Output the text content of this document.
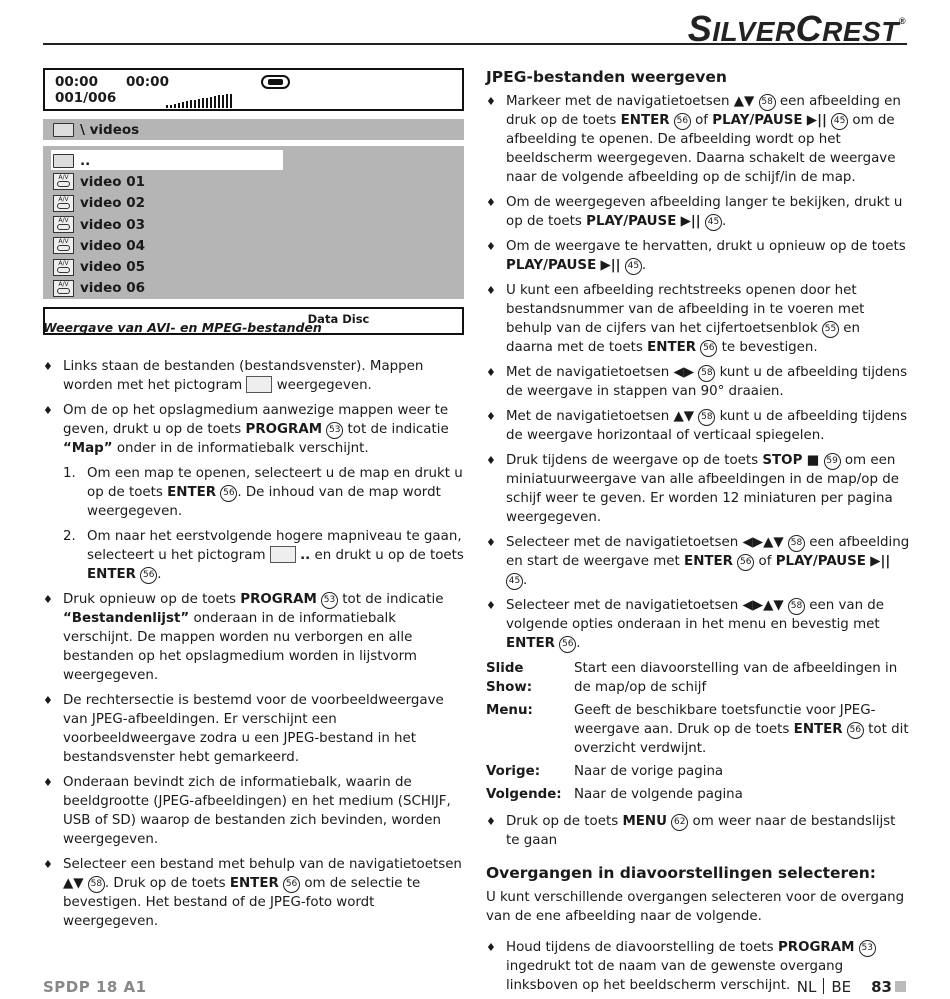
SILVERCREST®
00:00 00:00
001/006
\ videos
..
A/V video 01
A/V video 02
A/V video 03
A/V video 04
A/V video 05
A/V video 06
Data Disc
Weergave van AVI- en MPEG-bestanden
♦ Links staan de bestanden (bestandsvenster). Mappen worden met het pictogram	weergegeven.
♦ Om de op het opslagmedium aanwezige mappen weer te geven, drukt u op de toets PROGRAM 53 tot de indicatie “Map” onder in de informatiebalk verschijnt.
1. Om een map te openen, selecteert u de map en drukt u op de toets ENTER 56 . De inhoud van de map wordt weergegeven.
2. Om naar het eerstvolgende hogere mapniveau te gaan, selecteert u het pictogram	.. en drukt u op de toets ENTER 56 .
♦ Druk opnieuw op de toets PROGRAM 53 tot de indicatie “Bestandenlijst” onderaan in de informatiebalk verschijnt. De mappen worden nu verborgen en alle bestanden op het opslagmedium worden in lijstvorm weergegeven.
♦ De rechtersectie is bestemd voor de voorbeeldweergave van JPEG-afbeeldingen. Er verschijnt een voorbeeldweergave zodra u een JPEG-bestand in het bestandsvenster hebt gemarkeerd.
♦ Onderaan bevindt zich de informatiebalk, waarin de beeldgrootte (JPEG-afbeeldingen) en het medium (SCHIJF, USB of SD) waarop de bestanden zich bevinden, worden weergegeven.
♦ Selecteer een bestand met behulp van de navigatietoetsen ▲▼ 58 . Druk op de toets ENTER 56 om de selectie te bevestigen. Het bestand of de JPEG-foto wordt weergegeven.
JPEG-bestanden weergeven
♦ Markeer met de navigatietoetsen ▲▼ 58 een afbeelding en druk op de toets ENTER 56 of PLAY/PAUSE ▶|| 45 om de afbeelding te openen. De afbeelding wordt op het beeldscherm weergegeven. Daarna schakelt de weergave naar de volgende afbeelding op de schijf/in de map.
♦ Om de weergegeven afbeelding langer te bekijken, drukt u op de toets PLAY/PAUSE ▶|| 45 .
♦ Om de weergave te hervatten, drukt u opnieuw op de toets PLAY/PAUSE ▶|| 45 .
♦ U kunt een afbeelding rechtstreeks openen door het bestandsnummer van de afbeelding in te voeren met behulp van de cijfers van het cijfertoetsenblok 55 en daarna met de toets ENTER 56 te bevestigen.
♦ Met de navigatietoetsen ◀▶ 58 kunt u de afbeelding tijdens de weergave in stappen van 90° draaien.
♦ Met de navigatietoetsen ▲▼ 58 kunt u de afbeelding tijdens de weergave horizontaal of verticaal spiegelen.
♦ Druk tijdens de weergave op de toets STOP ■ 59 om een miniatuurweergave van alle afbeeldingen in de map/op de schijf weer te geven. Er worden 12 miniaturen per pagina weergegeven.
♦ Selecteer met de navigatietoetsen ◀▶▲▼ 58 een afbeelding en start de weergave met ENTER 56 of PLAY/PAUSE ▶|| 45 .
♦ Selecteer met de navigatietoetsen ◀▶▲▼ 58 een van de volgende opties onderaan in het menu en bevestig met ENTER 56 .
Slide Show:
Start een diavoorstelling van de afbeeldingen in de map/op de schijf
Menu:	Geeft de beschikbare toetsfunctie voor JPEG-weergave aan. Druk op de toets ENTER 56 tot dit overzicht verdwijnt.
Vorige:	Naar de vorige pagina
Volgende: Naar de volgende pagina
♦ Druk op de toets MENU 62 om weer naar de bestandslijst te gaan
Overgangen in diavoorstellingen selecteren:
U kunt verschillende overgangen selecteren voor de overgang van de ene afbeelding naar de volgende.
♦ Houd tijdens de diavoorstelling de toets PROGRAM 53 ingedrukt tot de naam van de gewenste overgang linksboven op het beeldscherm verschijnt.
SPDP 18 A1	NL BE 83
